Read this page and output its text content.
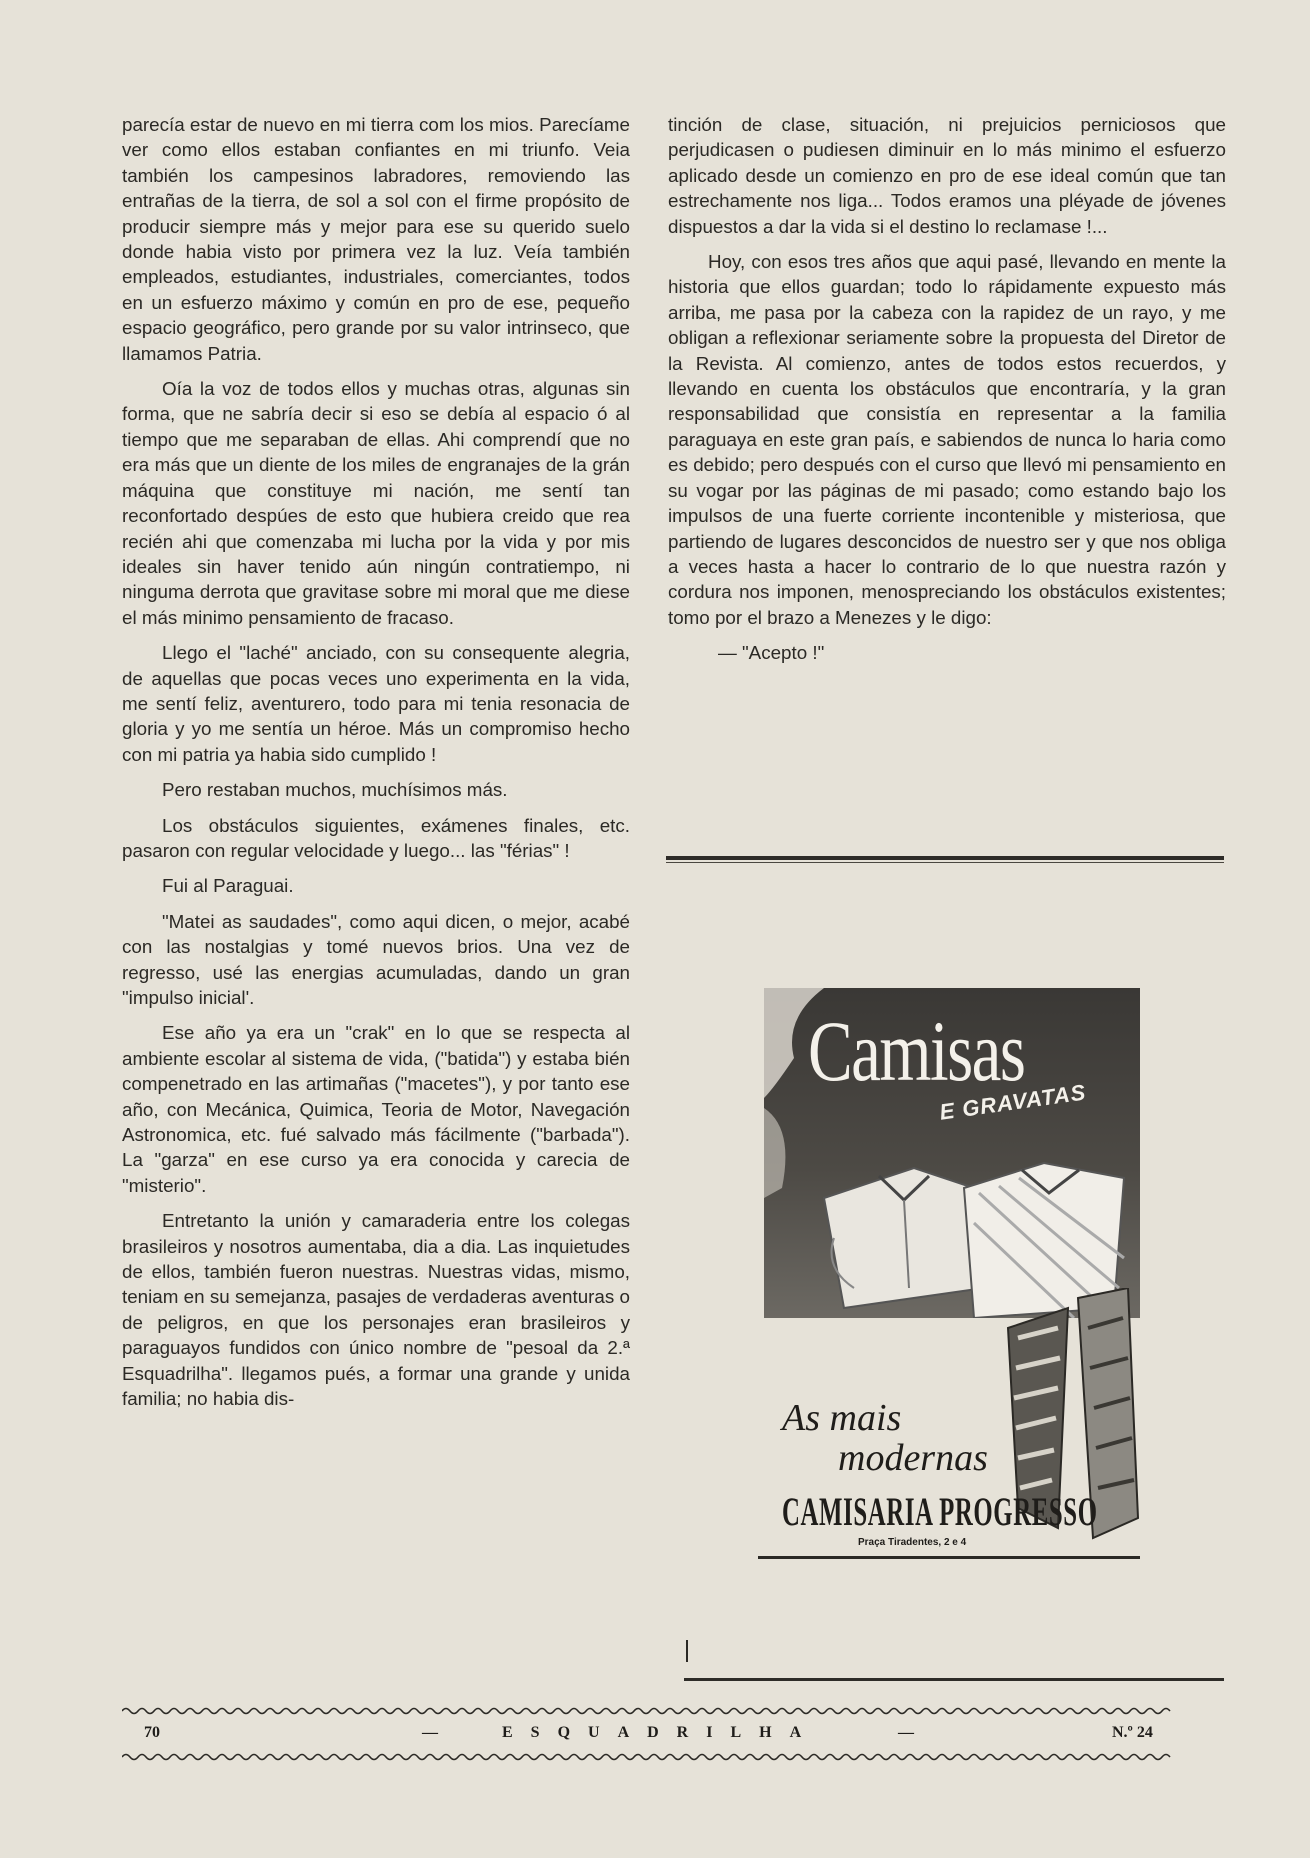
parecía estar de nuevo en mi tierra com los mios. Parecíame ver como ellos estaban confiantes en mi triunfo. Veia también los campesinos labradores, removiendo las entrañas de la tierra, de sol a sol con el firme propósito de producir siempre más y mejor para ese su querido suelo donde habia visto por primera vez la luz. Veía también empleados, estudiantes, industriales, comerciantes, todos en un esfuerzo máximo y común en pro de ese, pequeño espacio geográfico, pero grande por su valor intrinseco, que llamamos Patria.

Oía la voz de todos ellos y muchas otras, algunas sin forma, que ne sabría decir si eso se debía al espacio ó al tiempo que me separaban de ellas. Ahi comprendí que no era más que un diente de los miles de engranajes de la grán máquina que constituye mi nación, me sentí tan reconfortado despúes de esto que hubiera creido que rea recién ahi que comenzaba mi lucha por la vida y por mis ideales sin haver tenido aún ningún contratiempo, ni ninguma derrota que gravitase sobre mi moral que me diese el más minimo pensamiento de fracaso.

Llego el "laché" anciado, con su consequente alegria, de aquellas que pocas veces uno experimenta en la vida, me sentí feliz, aventurero, todo para mi tenia resonacia de gloria y yo me sentía un héroe. Más un compromiso hecho con mi patria ya habia sido cumplido !

Pero restaban muchos, muchísimos más.

Los obstáculos siguientes, exámenes finales, etc. pasaron con regular velocidade y luego... las "férias" !

Fui al Paraguai.

"Matei as saudades", como aqui dicen, o mejor, acabé con las nostalgias y tomé nuevos brios. Una vez de regresso, usé las energias acumuladas, dando un gran "impulso inicial'.

Ese año ya era un "crak" en lo que se respecta al ambiente escolar al sistema de vida, ("batida") y estaba bién compenetrado en las artimañas ("macetes"), y por tanto ese año, con Mecánica, Quimica, Teoria de Motor, Navegación Astronomica, etc. fué salvado más fácilmente ("barbada"). La "garza" en ese curso ya era conocida y carecia de "misterio".

Entretanto la unión y camaraderia entre los colegas brasileiros y nosotros aumentaba, dia a dia. Las inquietudes de ellos, también fueron nuestras. Nuestras vidas, mismo, teniam en su semejanza, pasajes de verdaderas aventuras o de peligros, en que los personajes eran brasileiros y paraguayos fundidos con único nombre de "pesoal da 2.ª Esquadrilha". llegamos pués, a formar una grande y unida familia; no habia dis-

tinción de clase, situación, ni prejuicios perniciosos que perjudicasen o pudiesen diminuir en lo más minimo el esfuerzo aplicado desde un comienzo en pro de ese ideal común que tan estrechamente nos liga... Todos eramos una pléyade de jóvenes dispuestos a dar la vida si el destino lo reclamase !...

Hoy, con esos tres años que aqui pasé, llevando en mente la historia que ellos guardan; todo lo rápidamente expuesto más arriba, me pasa por la cabeza con la rapidez de un rayo, y me obligan a reflexionar seriamente sobre la propuesta del Diretor de la Revista. Al comienzo, antes de todos estos recuerdos, y llevando en cuenta los obstáculos que encontraría, y la gran responsabilidad que consistía en representar a la familia paraguaya en este gran país, e sabiendos de nunca lo haria como es debido; pero después con el curso que llevó mi pensamiento en su vogar por las páginas de mi pasado; como estando bajo los impulsos de una fuerte corriente incontenible y misteriosa, que partiendo de lugares desconcidos de nuestro ser y que nos obliga a veces hasta a hacer lo contrario de lo que nuestra razón y cordura nos imponen, menospreciando los obstáculos existentes; tomo por el brazo a Menezes y le digo:

— "Acepto !"

Camisas
E GRAVATAS
As mais
modernas
CAMISARIA PROGRESSO
Praça Tiradentes, 2 e 4
70	—	ESQUADRILHA	—	N.º 24
